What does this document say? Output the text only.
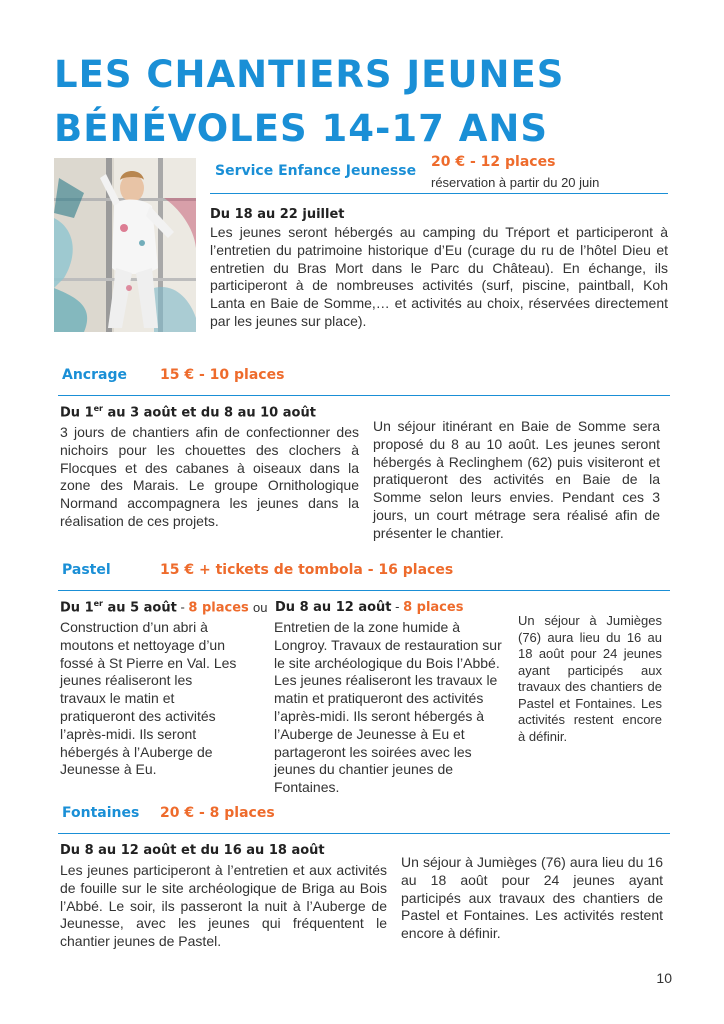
LES CHANTIERS JEUNES
BÉNÉVOLES 14-17 ANS
Service Enfance Jeunesse
20 € - 12 places
réservation à partir du 20 juin
Du 18 au 22 juillet

Les jeunes seront hébergés au camping du Tréport et participeront à l’entretien du patrimoine historique d’Eu (curage du ru de l’hôtel Dieu et entretien du Bras Mort dans le Parc du Château). En échange, ils participeront à de nombreuses activités (surf, piscine, paintball, Koh Lanta en Baie de Somme,… et activités au choix, réservées directement par les jeunes sur place).

Ancrage 15 € - 10 places
Du 1er au 3 août et du 8 au 10 août

3 jours de chantiers afin de confectionner des nichoirs pour les chouettes des clochers à Flocques et des cabanes à oiseaux dans la zone des Marais. Le groupe Ornithologique Normand accompagnera les jeunes dans la réalisation de ces projets.

Un séjour itinérant en Baie de Somme sera proposé du 8 au 10 août. Les jeunes seront hébergés à Reclinghem (62) puis visiteront et pratiqueront des activités en Baie de la Somme selon leurs envies. Pendant ces 3 jours, un court métrage sera réalisé afin de présenter le chantier.

Pastel	15 € + tickets de tombola - 16 places
Du 1er au 5 août - 8 places ou Du 8 au 12 août - 8 places

Construction d’un abri à moutons et nettoyage d’un fossé à St Pierre en Val. Les jeunes réaliseront les travaux le matin et pratiqueront des activités l’après-midi. Ils seront hébergés à l’Auberge de Jeunesse à Eu.

Entretien de la zone humide à Longroy. Travaux de restauration sur le site archéologique du Bois l’Abbé. Les jeunes réaliseront les travaux le matin et pratiqueront des activités l’après-midi. Ils seront hébergés à l’Auberge de Jeunesse à Eu et partageront les soirées avec les jeunes du chantier jeunes de Fontaines.

Un séjour à Jumièges (76) aura lieu du 16 au 18 août pour 24 jeunes ayant participés aux travaux des chantiers de Pastel et Fontaines. Les activités restent encore à définir.

Fontaines 20 € - 8 places
Du 8 au 12 août et du 16 au 18 août

Les jeunes participeront à l’entretien et aux activités de fouille sur le site archéologique de Briga au Bois l’Abbé. Le soir, ils passeront la nuit à l’Auberge de Jeunesse, avec les jeunes qui fréquentent le chantier jeunes de Pastel.

Un séjour à Jumièges (76) aura lieu du 16 au 18 août pour 24 jeunes ayant participés aux travaux des chantiers de Pastel et Fontaines. Les activités restent encore à définir.

10
